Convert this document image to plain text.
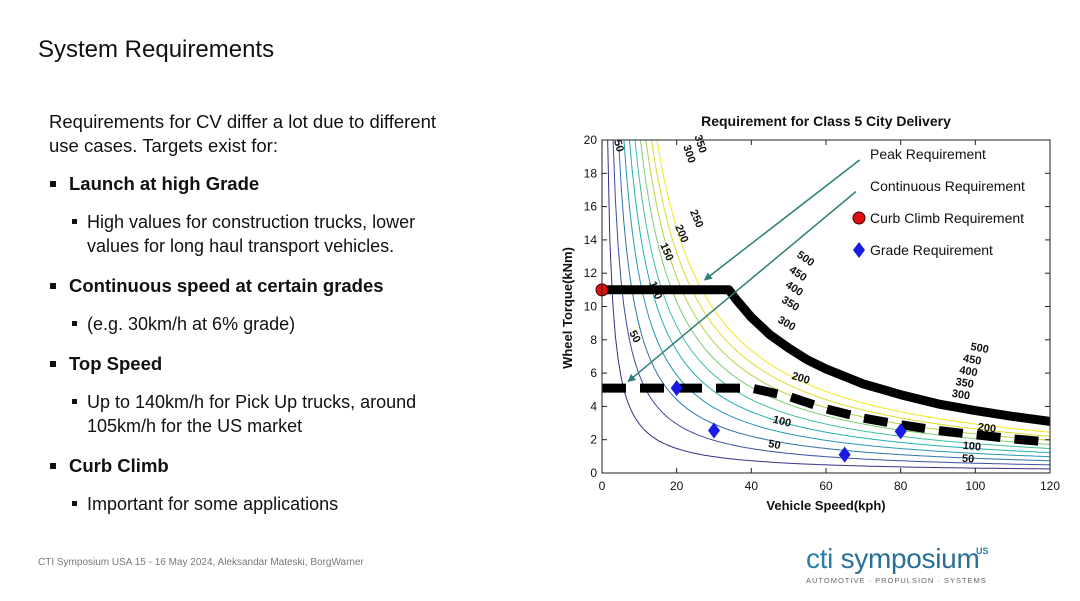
System Requirements

Requirements for CV differ a lot due to different use cases. Targets exist for:

Launch at high Grade
High values for construction trucks, lower values for long haul transport vehicles.
Continuous speed at certain grades
(e.g. 30km/h at 6% grade)
Top Speed
Up to 140km/h for Pick Up trucks, around 105km/h for the US market
Curb Climb
Important for some applications
Requirement for Class 5 City Delivery
50
50
50
50
100
100
100
150
200
200
200
250
300
300
300
350
350
350
400
400
450
450
500
500
0	20	40	60	80	100	120
0
2
4
6
8
10
12
14
16
18
20
Vehicle Speed(kph)
Wheel Torque(kNm)
Peak Requirement
Continuous Requirement
Curb Climb Requirement
Grade Requirement
CTI Symposium USA 15 - 16 May 2024, Aleksandar Mateski, BorgWarner	cti symposium
US
AUTOMOTIVE · PROPULSION · SYSTEMS
